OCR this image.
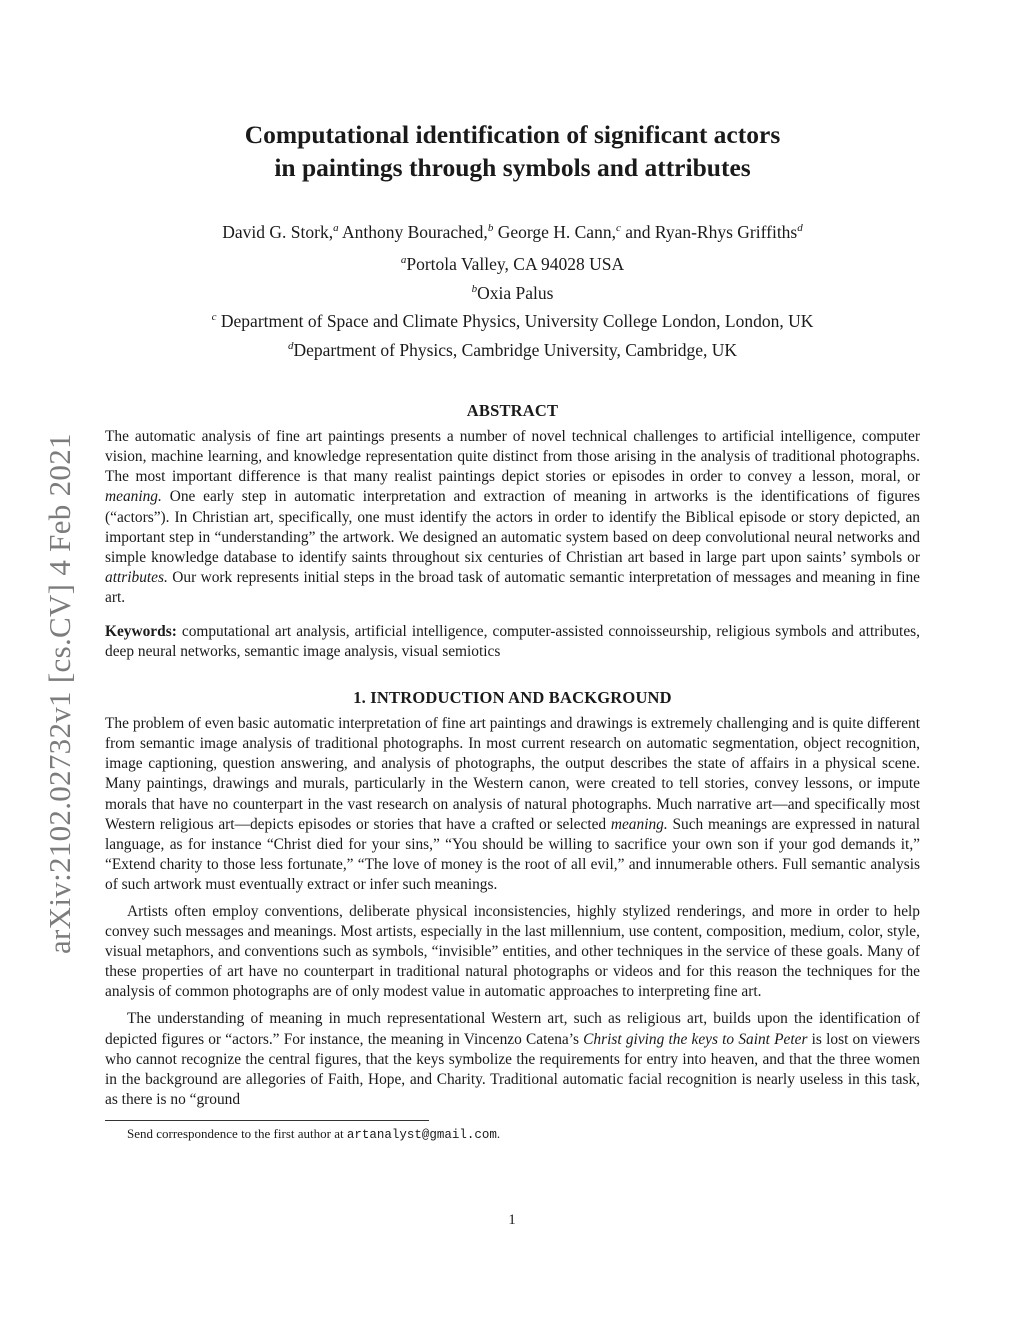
arXiv:2102.02732v1 [cs.CV] 4 Feb 2021
Computational identification of significant actors
in paintings through symbols and attributes
David G. Stork,$^a$ Anthony Bourached,$^b$ George H. Cann,$^c$ and Ryan-Rhys Griffiths$^d$
$^a$Portola Valley, CA 94028 USA
$^b$Oxia Palus
$^c$ Department of Space and Climate Physics, University College London, London, UK
$^d$Department of Physics, Cambridge University, Cambridge, UK
ABSTRACT

The automatic analysis of fine art paintings presents a number of novel technical challenges to artificial intelligence, computer vision, machine learning, and knowledge representation quite distinct from those arising in the analysis of traditional photographs. The most important difference is that many realist paintings depict stories or episodes in order to convey a lesson, moral, or meaning. One early step in automatic interpretation and extraction of meaning in artworks is the identifications of figures (“actors”). In Christian art, specifically, one must identify the actors in order to identify the Biblical episode or story depicted, an important step in “understanding” the artwork. We designed an automatic system based on deep convolutional neural networks and simple knowledge database to identify saints throughout six centuries of Christian art based in large part upon saints’ symbols or attributes. Our work represents initial steps in the broad task of automatic semantic interpretation of messages and meaning in fine art.

Keywords: computational art analysis, artificial intelligence, computer-assisted connoisseurship, religious symbols and attributes, deep neural networks, semantic image analysis, visual semiotics

1. INTRODUCTION AND BACKGROUND

The problem of even basic automatic interpretation of fine art paintings and drawings is extremely challenging and is quite different from semantic image analysis of traditional photographs. In most current research on automatic segmentation, object recognition, image captioning, question answering, and analysis of photographs, the output describes the state of affairs in a physical scene. Many paintings, drawings and murals, particularly in the Western canon, were created to tell stories, convey lessons, or impute morals that have no counterpart in the vast research on analysis of natural photographs. Much narrative art—and specifically most Western religious art—depicts episodes or stories that have a crafted or selected meaning. Such meanings are expressed in natural language, as for instance “Christ died for your sins,” “You should be willing to sacrifice your own son if your god demands it,” “Extend charity to those less fortunate,” “The love of money is the root of all evil,” and innumerable others. Full semantic analysis of such artwork must eventually extract or infer such meanings.

Artists often employ conventions, deliberate physical inconsistencies, highly stylized renderings, and more in order to help convey such messages and meanings. Most artists, especially in the last millennium, use content, composition, medium, color, style, visual metaphors, and conventions such as symbols, “invisible” entities, and other techniques in the service of these goals. Many of these properties of art have no counterpart in traditional natural photographs or videos and for this reason the techniques for the analysis of common photographs are of only modest value in automatic approaches to interpreting fine art.

The understanding of meaning in much representational Western art, such as religious art, builds upon the identification of depicted figures or “actors.” For instance, the meaning in Vincenzo Catena’s Christ giving the keys to Saint Peter is lost on viewers who cannot recognize the central figures, that the keys symbolize the requirements for entry into heaven, and that the three women in the background are allegories of Faith, Hope, and Charity. Traditional automatic facial recognition is nearly useless in this task, as there is no “ground

Send correspondence to the first author at artanalyst@gmail.com.
1
